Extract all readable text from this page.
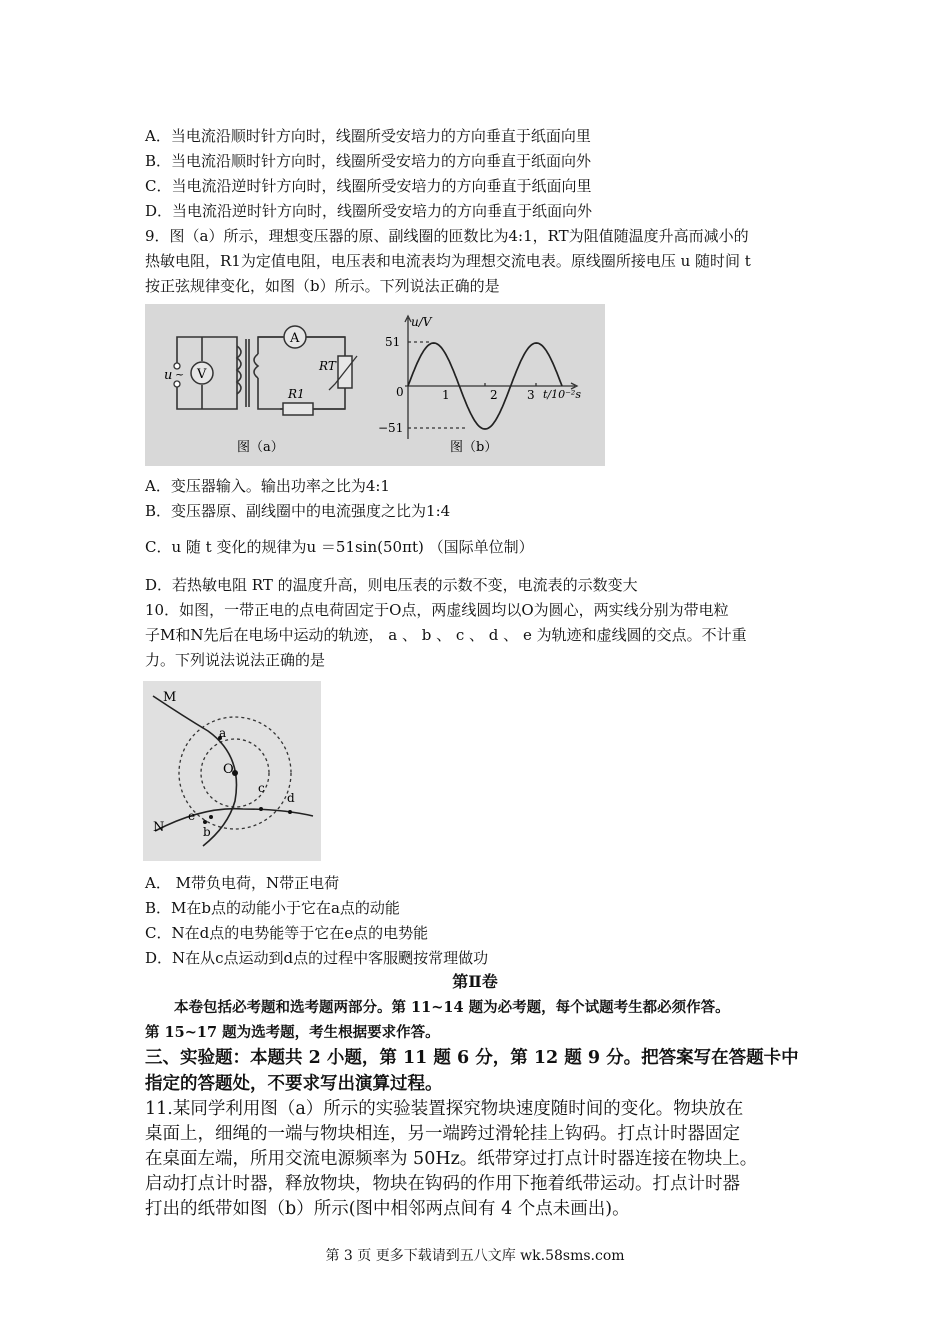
A．当电流沿顺时针方向时，线圈所受安培力的方向垂直于纸面向里
B．当电流沿顺时针方向时，线圈所受安培力的方向垂直于纸面向外
C．当电流沿逆时针方向时，线圈所受安培力的方向垂直于纸面向里
D．当电流沿逆时针方向时，线圈所受安培力的方向垂直于纸面向外
9．图（a）所示，理想变压器的原、副线圈的匝数比为4:1，RT为阻值随温度升高而减小的
热敏电阻，R1为定值电阻，电压表和电流表均为理想交流电表。原线圈所接电压 u 随时间 t
按正弦规律变化，如图（b）所示。下列说法正确的是
u ~ V
A
RT
R1
图（a）
u/V
51
−51
0	1	2 3 t/10⁻²s
图（b）
A．变压器输入。输出功率之比为4:1
B．变压器原、副线圈中的电流强度之比为1:4
C．u 随 t 变化的规律为u ＝51sin(50πt) （国际单位制）
D．若热敏电阻 RT 的温度升高，则电压表的示数不变，电流表的示数变大
10．如图，一带正电的点电荷固定于O点，两虚线圆均以O为圆心，两实线分别为带电粒
子M和N先后在电场中运动的轨迹， a 、 b 、 c 、 d 、 e 为轨迹和虚线圆的交点。不计重
力。下列说法说法正确的是
M
N
a
b
c
d
e
O
A． M带负电荷，N带正电荷
B．M在b点的动能小于它在a点的动能
C．N在d点的电势能等于它在e点的电势能
D．N在从c点运动到d点的过程中客服颲按常理做功
第Ⅱ卷
本卷包括必考题和选考题两部分。第 11~14 题为必考题，每个试题考生都必须作答。
第 15~17 题为选考题，考生根据要求作答。
三、实验题：本题共 2 小题，第 11 题 6 分，第 12 题 9 分。把答案写在答题卡中
指定的答题处，不要求写出演算过程。
11.某同学利用图（a）所示的实验装置探究物块速度随时间的变化。物块放在
桌面上，细绳的一端与物块相连，另一端跨过滑轮挂上钩码。打点计时器固定
在桌面左端，所用交流电源频率为 50Hz。纸带穿过打点计时器连接在物块上。
启动打点计时器，释放物块，物块在钩码的作用下拖着纸带运动。打点计时器
打出的纸带如图（b）所示(图中相邻两点间有 4 个点未画出)。
第 3 页 更多下载请到五八文库 wk.58sms.com
